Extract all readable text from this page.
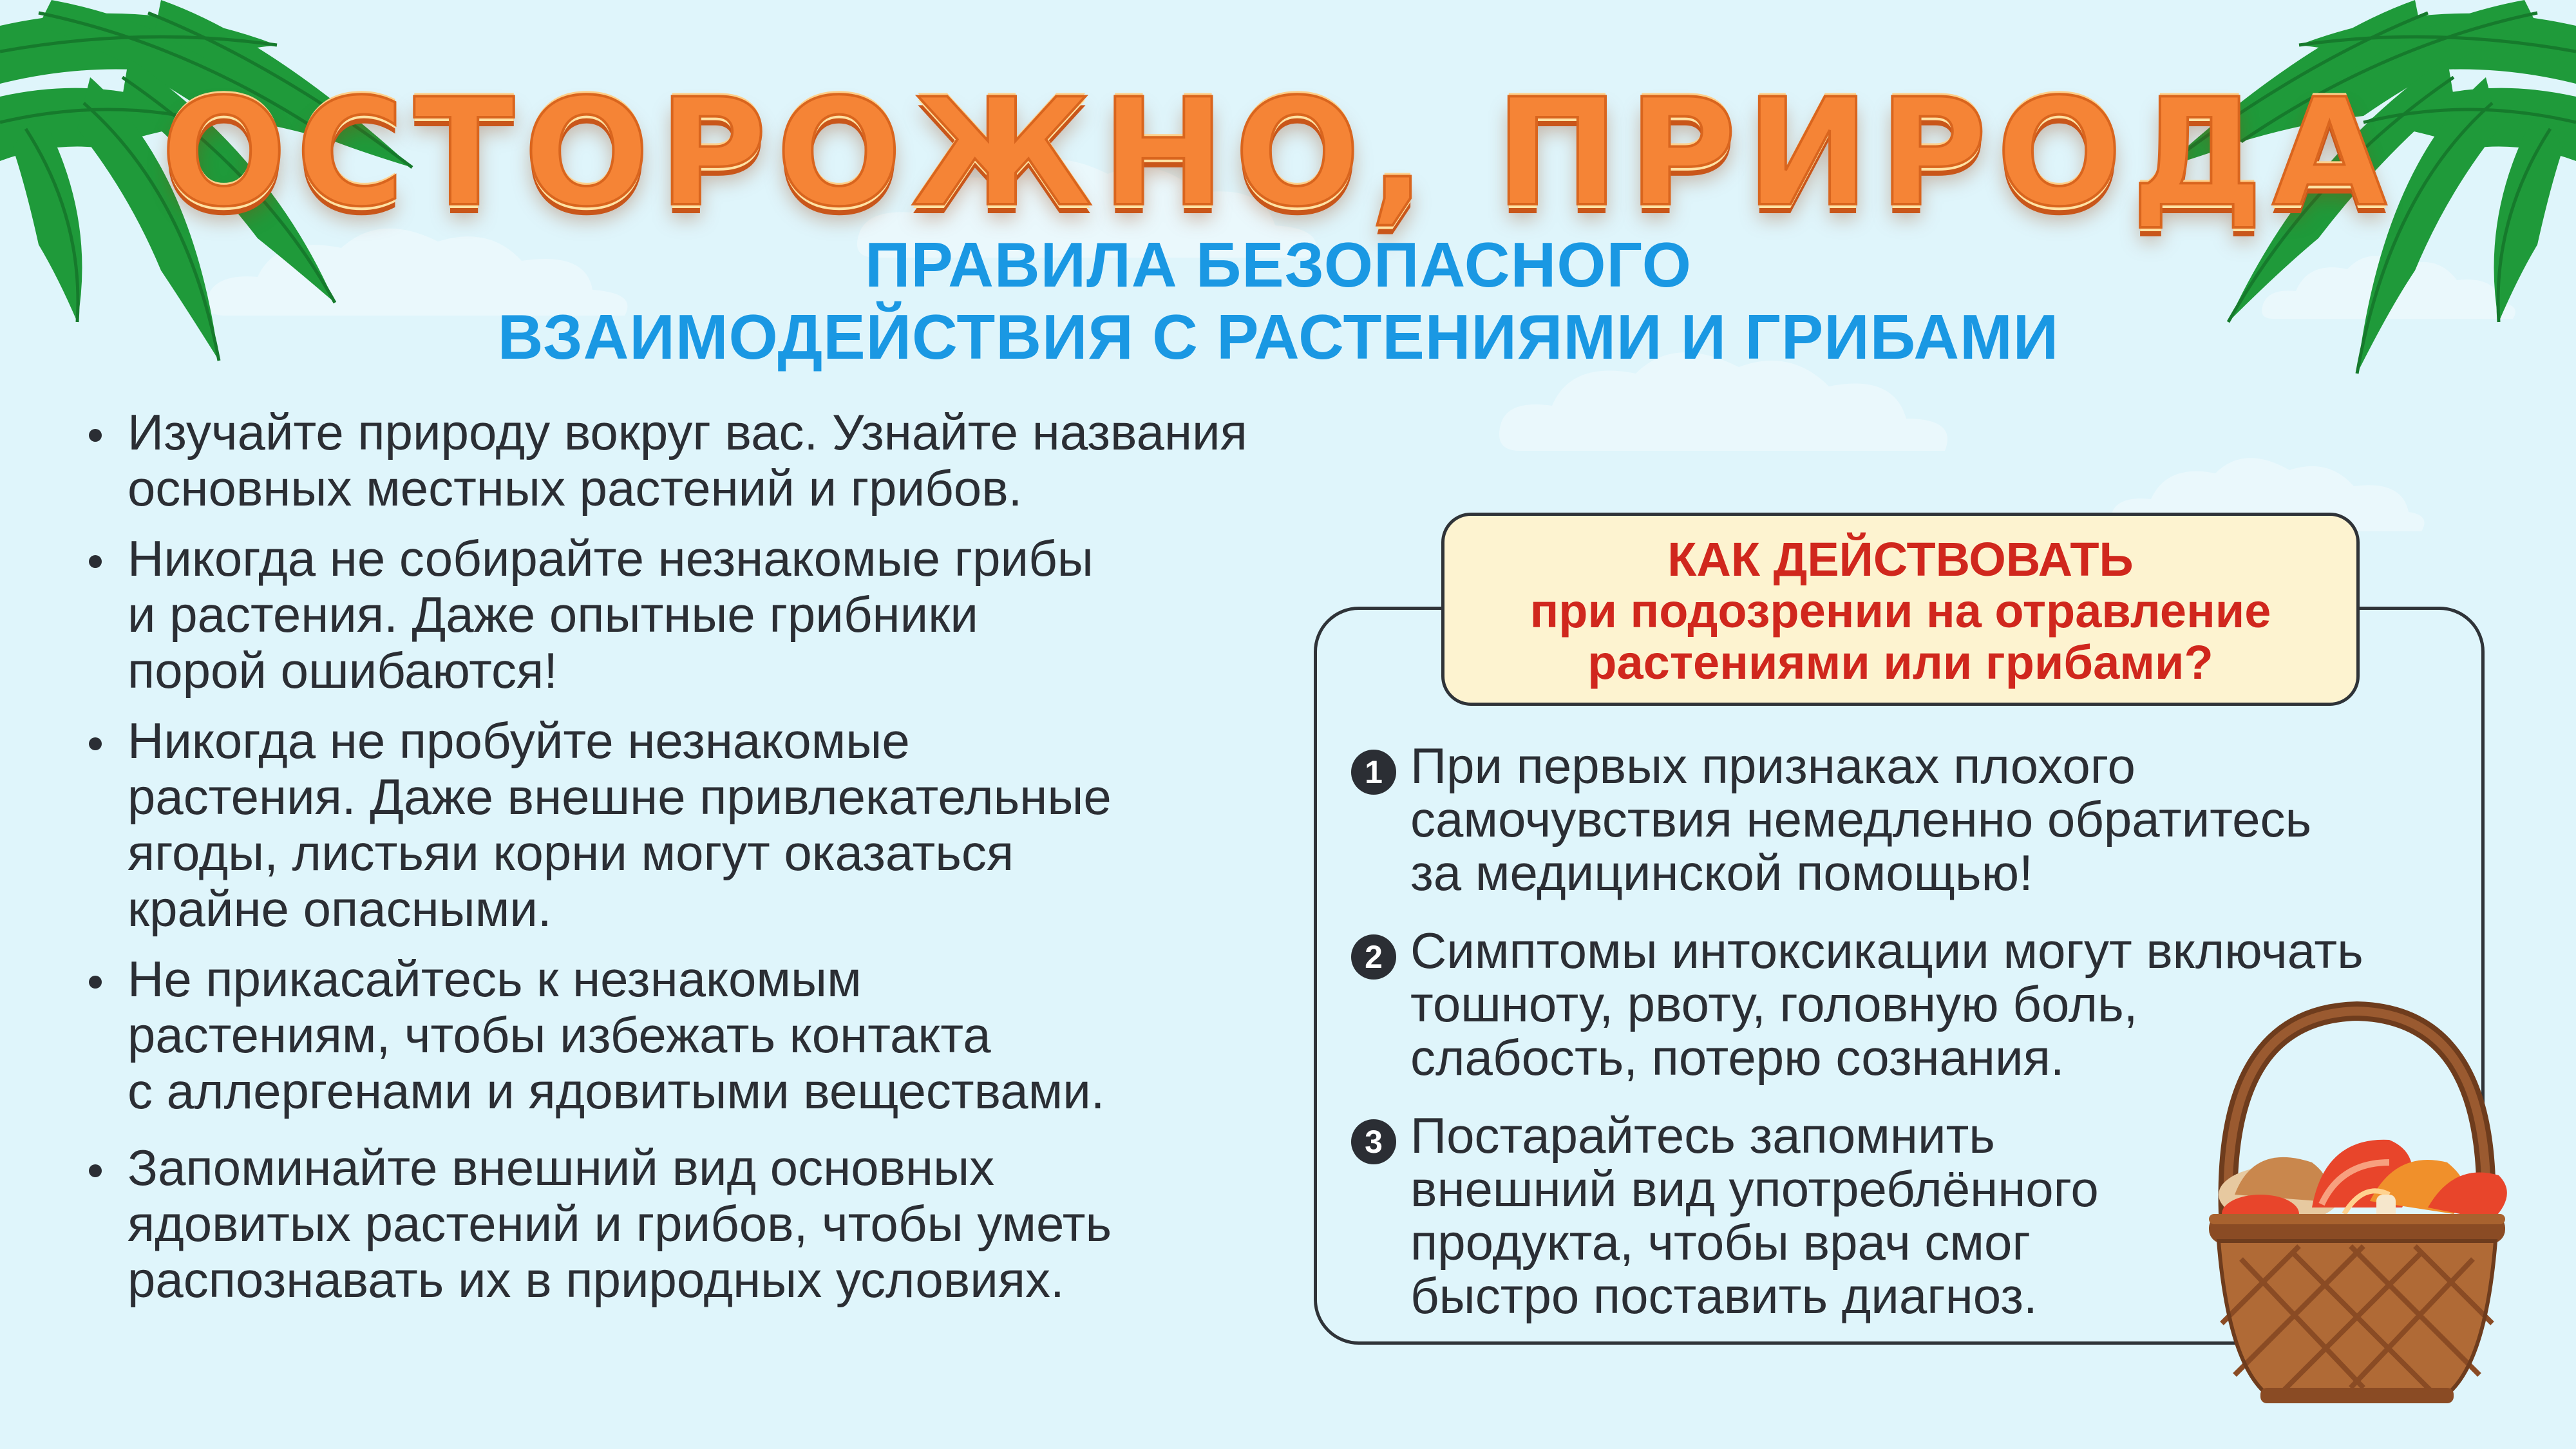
ОСТОРОЖНО, ПРИРОДА
ПРАВИЛА БЕЗОПАСНОГО
ВЗАИМОДЕЙСТВИЯ С РАСТЕНИЯМИ И ГРИБАМИ
Изучайте природу вокруг вас. Узнайте названия
основных местных растений и грибов.
Никогда не собирайте незнакомые грибы
и растения. Даже опытные грибники
порой ошибаются!
Никогда не пробуйте незнакомые
растения. Даже внешне привлекательные
ягоды, листьяи корни могут оказаться
крайне опасными.
Не прикасайтесь к незнакомым
растениям, чтобы избежать контакта
с аллергенами и ядовитыми веществами.
Запоминайте внешний вид основных
ядовитых растений и грибов, чтобы уметь
распознавать их в природных условиях.
КАК ДЕЙСТВОВАТЬ
при подозрении на отравление
растениями или грибами?
1 При первых признаках плохого
самочувствия немедленно обратитесь
за медицинской помощью!
2 Симптомы интоксикации могут включать
тошноту, рвоту, головную боль,
слабость, потерю сознания.
3 Постарайтесь запомнить
внешний вид употреблённого
продукта, чтобы врач смог
быстро поставить диагноз.
